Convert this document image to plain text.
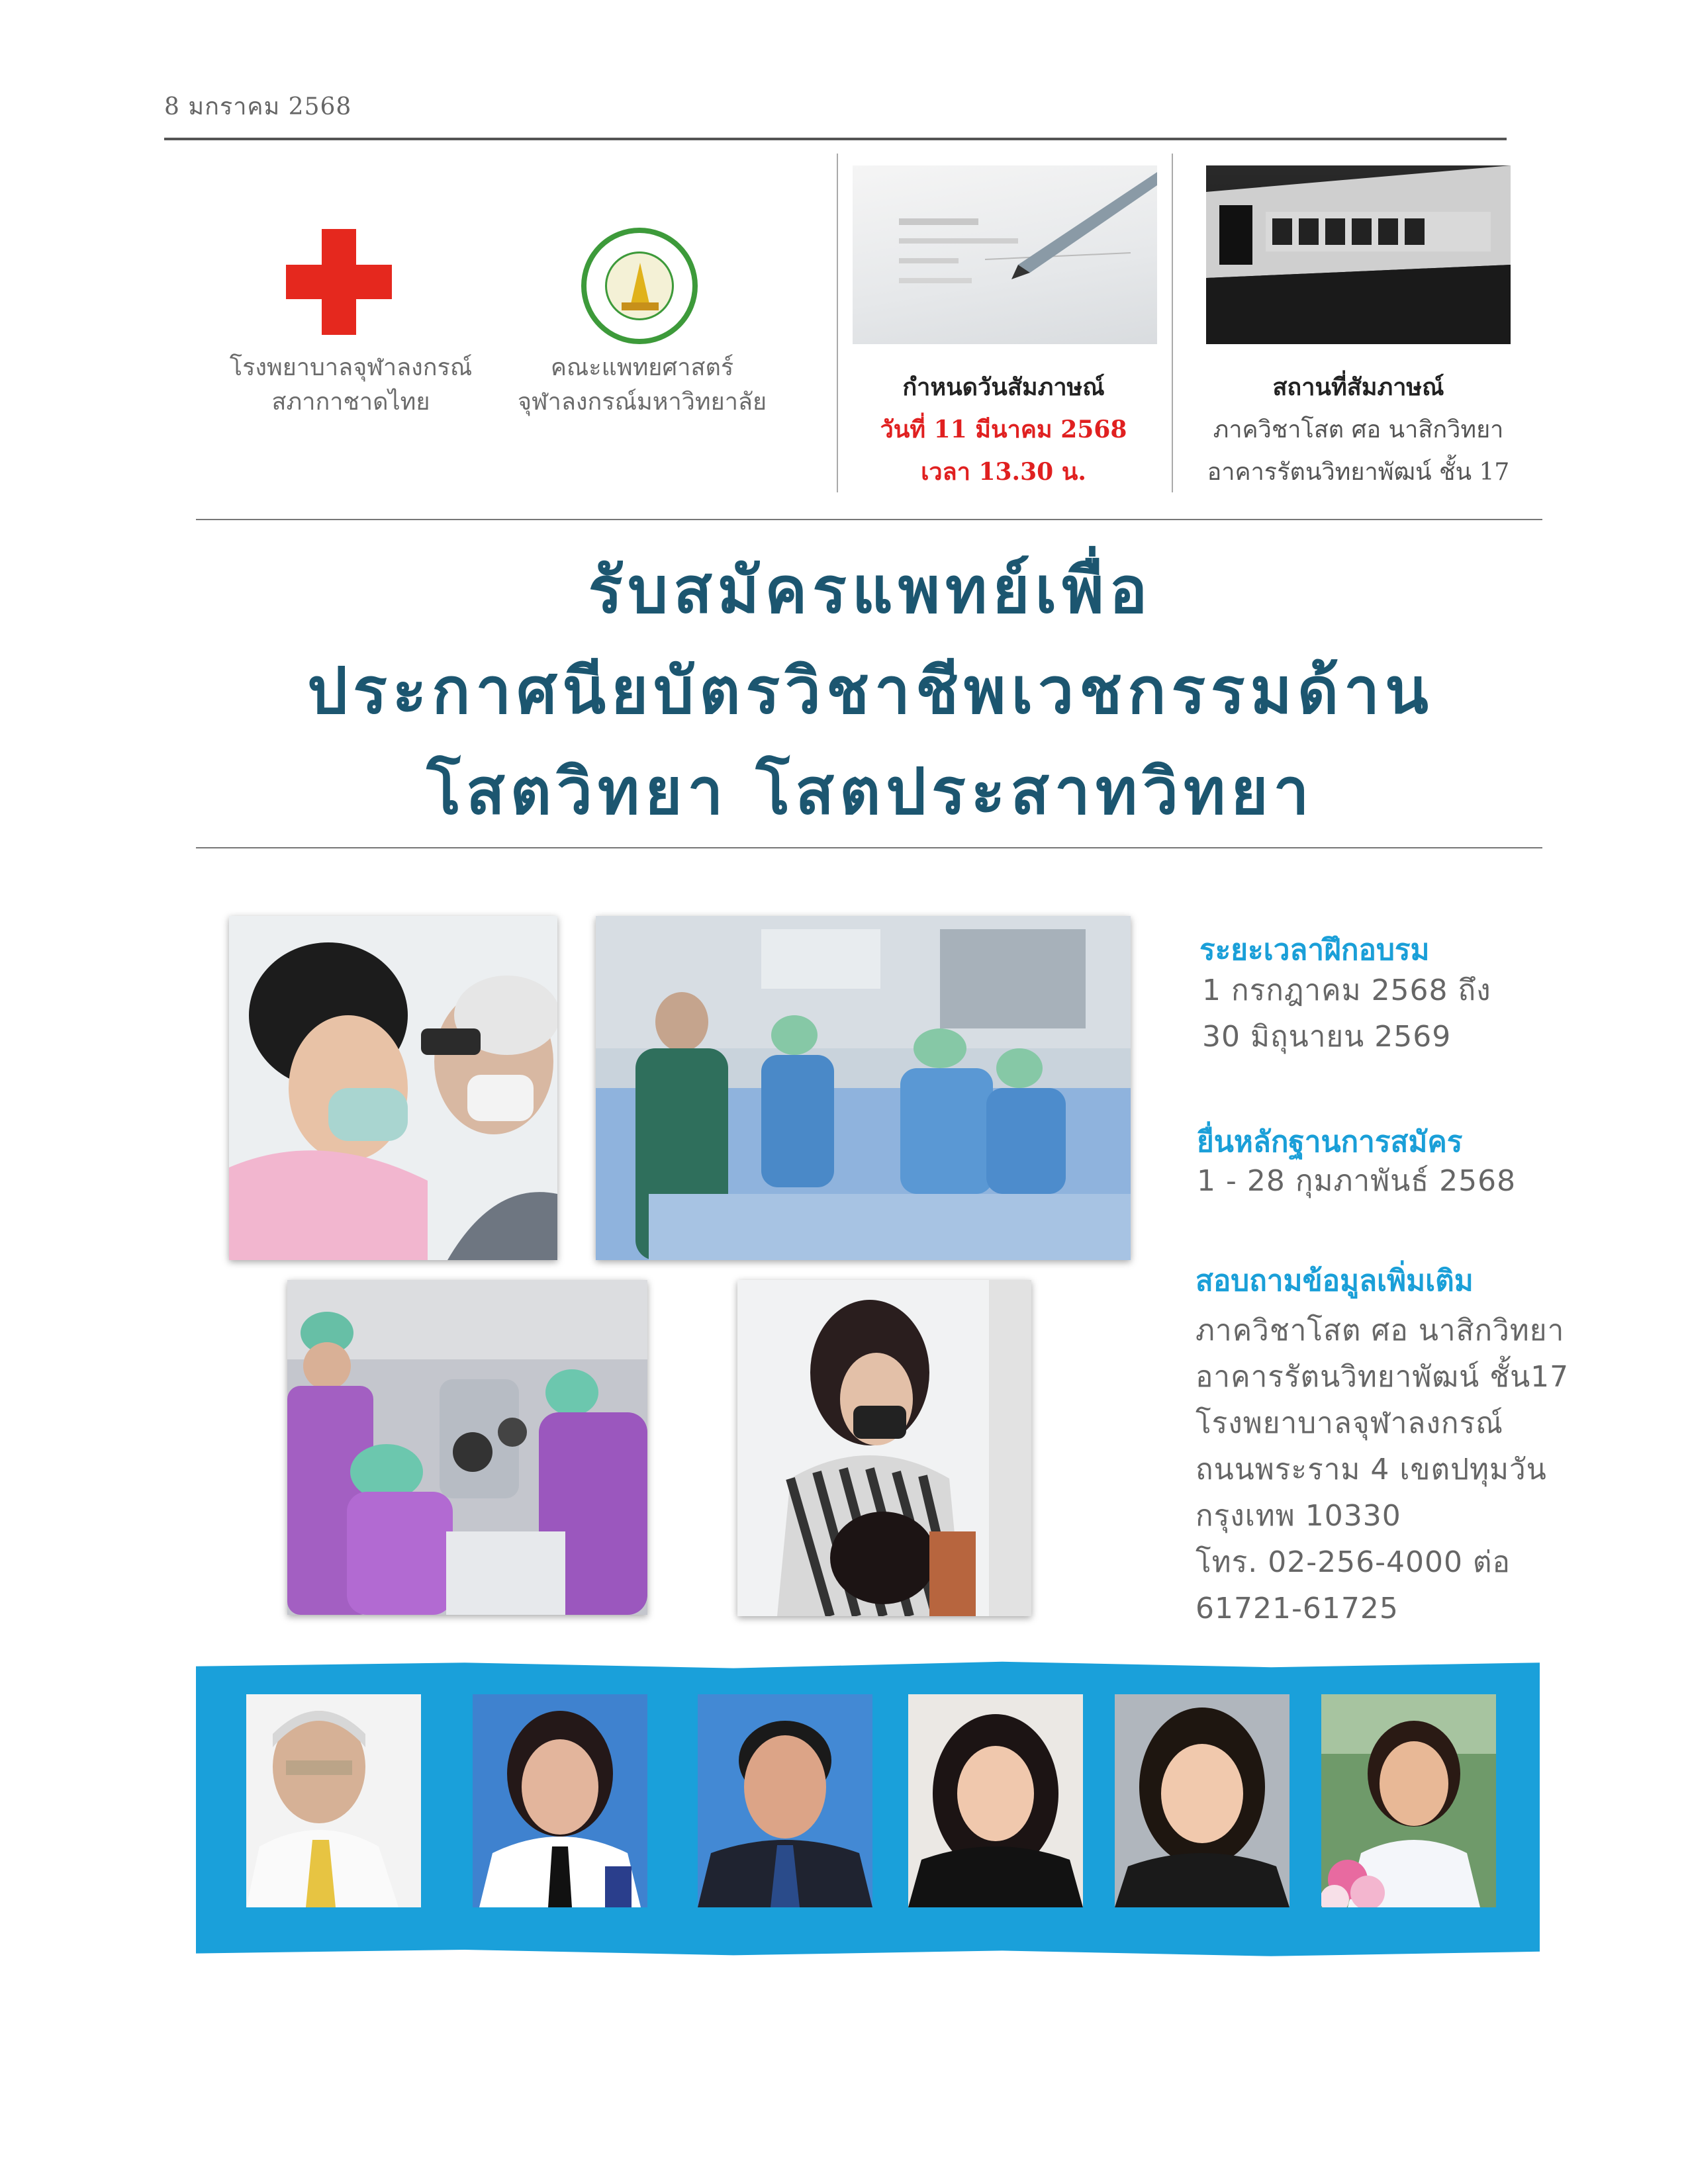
8 มกราคม 2568
โรงพยาบาลจุฬาลงกรณ์
สภากาชาดไทย
คณะแพทยศาสตร์
จุฬาลงกรณ์มหาวิทยาลัย
กำหนดวันสัมภาษณ์
วันที่ 11 มีนาคม 2568
เวลา 13.30 น.
สถานที่สัมภาษณ์
ภาควิชาโสต ศอ นาสิกวิทยา
อาคารรัตนวิทยาพัฒน์ ชั้น 17
รับสมัครแพทย์เพื่อ
ประกาศนียบัตรวิชาชีพเวชกรรมด้าน
โสตวิทยา โสตประสาทวิทยา
ระยะเวลาฝึกอบรม
1 กรกฎาคม 2568 ถึง
30 มิถุนายน 2569
ยื่นหลักฐานการสมัคร
1 - 28 กุมภาพันธ์ 2568
สอบถามข้อมูลเพิ่มเติม
ภาควิชาโสต ศอ นาสิกวิทยา
อาคารรัตนวิทยาพัฒน์ ชั้น17
โรงพยาบาลจุฬาลงกรณ์
ถนนพระราม 4 เขตปทุมวัน
กรุงเทพ 10330
โทร. 02-256-4000 ต่อ
61721-61725
